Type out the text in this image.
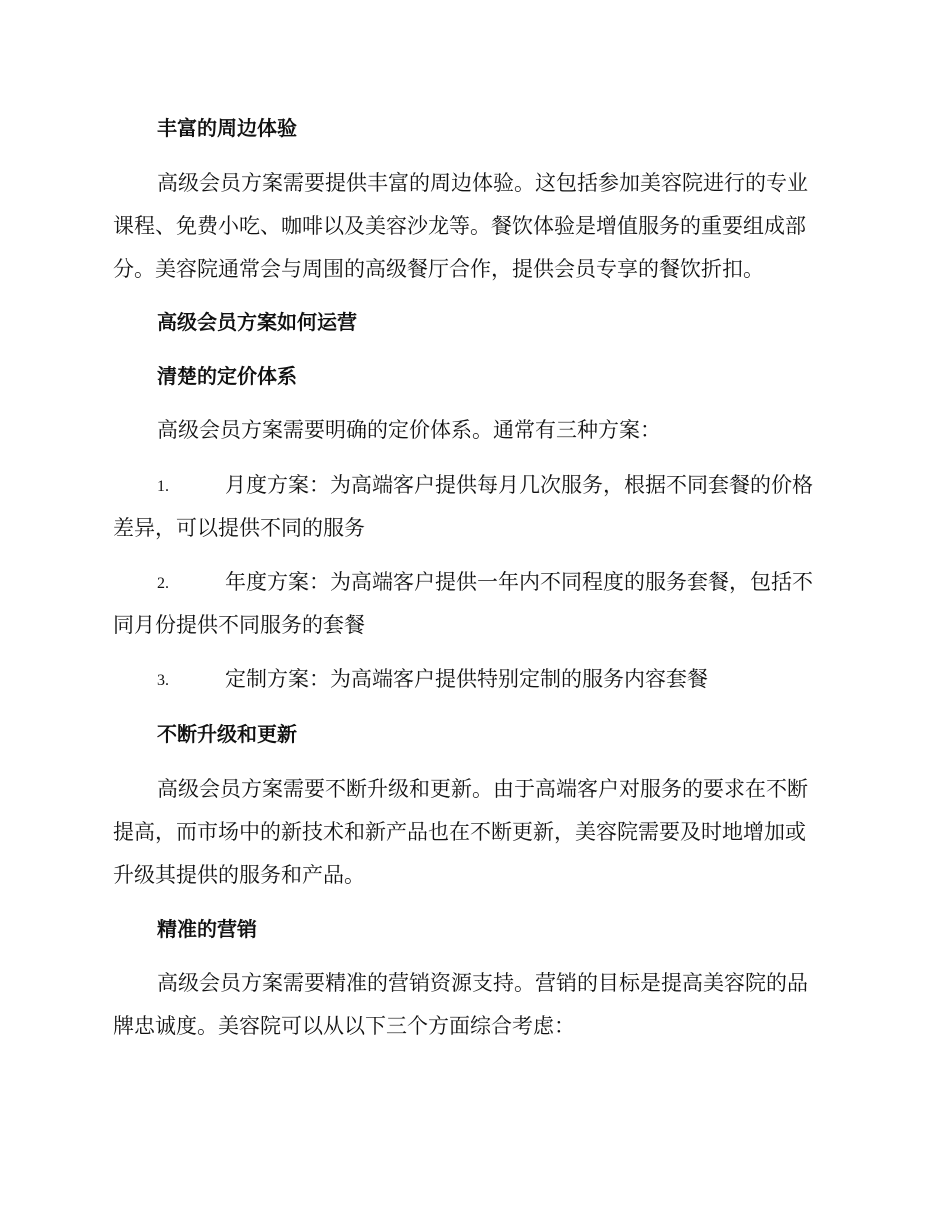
丰富的周边体验
高级会员方案需要提供丰富的周边体验。这包括参加美容院进行的专业
课程、免费小吃、咖啡以及美容沙龙等。餐饮体验是增值服务的重要组成部
分。美容院通常会与周围的高级餐厅合作，提供会员专享的餐饮折扣。
高级会员方案如何运营
清楚的定价体系
高级会员方案需要明确的定价体系。通常有三种方案：
1.	月度方案：为高端客户提供每月几次服务，根据不同套餐的价格
差异，可以提供不同的服务
2.	年度方案：为高端客户提供一年内不同程度的服务套餐，包括不
同月份提供不同服务的套餐
3.	定制方案：为高端客户提供特别定制的服务内容套餐
不断升级和更新
高级会员方案需要不断升级和更新。由于高端客户对服务的要求在不断
提高，而市场中的新技术和新产品也在不断更新，美容院需要及时地增加或
升级其提供的服务和产品。
精准的营销
高级会员方案需要精准的营销资源支持。营销的目标是提高美容院的品
牌忠诚度。美容院可以从以下三个方面综合考虑：
